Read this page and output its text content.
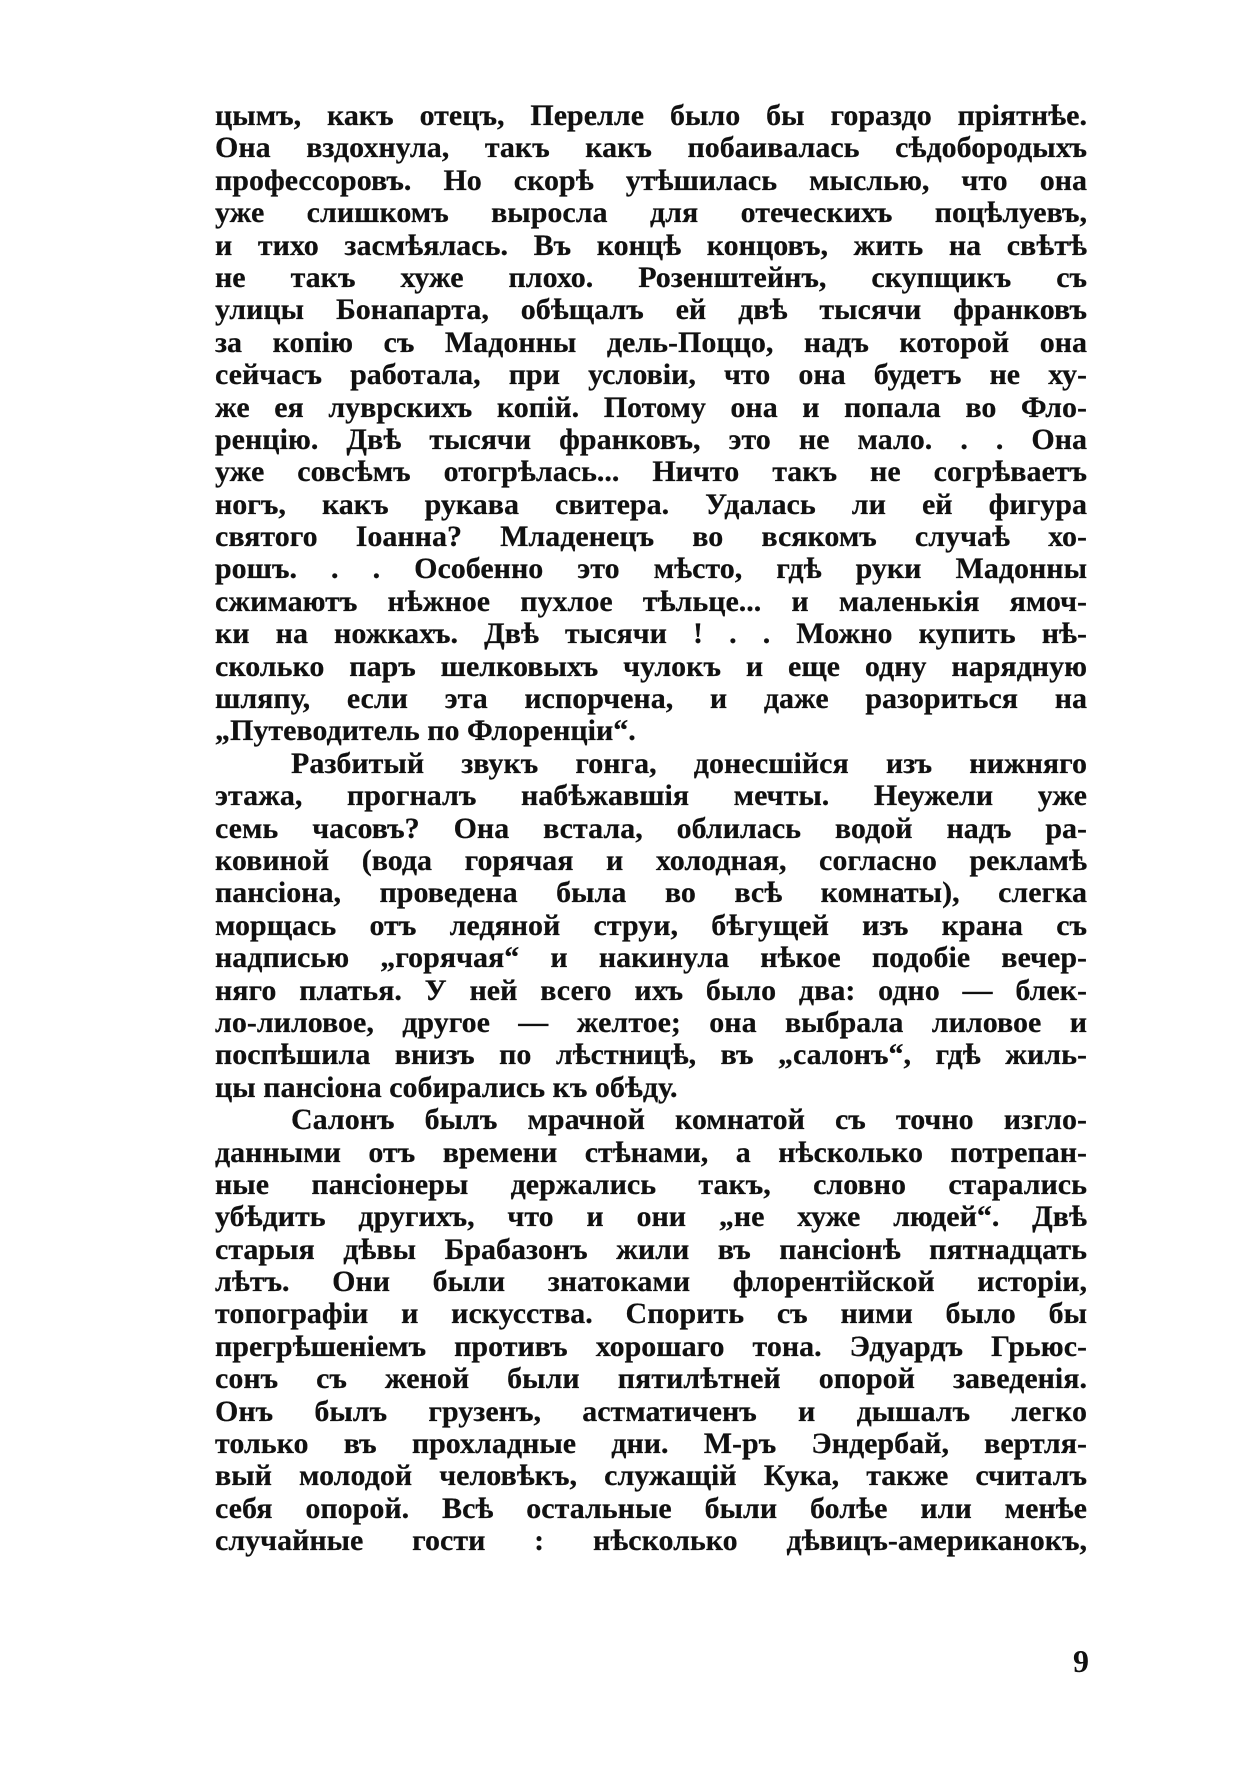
цымъ, какъ отецъ, Перелле было бы гораздо пріятнѣе.
Она вздохнула, такъ какъ побаивалась сѣдобородыхъ
профессоровъ. Но скорѣ утѣшилась мыслью, что она
уже слишкомъ выросла для отеческихъ поцѣлуевъ,
и тихо засмѣялась. Въ концѣ концовъ, жить на свѣтѣ
не такъ хуже плохо. Розенштейнъ, скупщикъ съ
улицы Бонапарта, обѣщалъ ей двѣ тысячи франковъ
за копію съ Мадонны дель-Поццо, надъ которой она
сейчасъ работала, при условіи, что она будетъ не ху-
же ея луврскихъ копій. Потому она и попала во Фло-
ренцію. Двѣ тысячи франковъ, это не мало. . . Она
уже совсѣмъ отогрѣлась... Ничто такъ не согрѣваетъ
ногъ, какъ рукава свитера. Удалась ли ей фигура
святого Іоанна? Младенецъ во всякомъ случаѣ хо-
рошъ. . . Особенно это мѣсто, гдѣ руки Мадонны
сжимаютъ нѣжное пухлое тѣльце... и маленькія ямоч-
ки на ножкахъ. Двѣ тысячи ! . . Можно купить нѣ-
сколько паръ шелковыхъ чулокъ и еще одну нарядную
шляпу, если эта испорчена, и даже разориться на
„Путеводитель по Флоренціи“.
Разбитый звукъ гонга, донесшійся изъ нижняго
этажа, прогналъ набѣжавшія мечты. Неужели уже
семь часовъ? Она встала, облилась водой надъ ра-
ковиной (вода горячая и холодная, согласно рекламѣ
пансіона, проведена была во всѣ комнаты), слегка
морщась отъ ледяной струи, бѣгущей изъ крана съ
надписью „горячая“ и накинула нѣкое подобіе вечер-
няго платья. У ней всего ихъ было два: одно — блек-
ло-лиловое, другое — желтое; она выбрала лиловое и
поспѣшила внизъ по лѣстницѣ, въ „салонъ“, гдѣ жиль-
цы пансіона собирались къ обѣду.
Салонъ былъ мрачной комнатой съ точно изгло-
данными отъ времени стѣнами, а нѣсколько потрепан-
ные пансіонеры держались такъ, словно старались
убѣдить другихъ, что и они „не хуже людей“. Двѣ
старыя дѣвы Брабазонъ жили въ пансіонѣ пятнадцать
лѣтъ. Они были знатоками флорентійской исторіи,
топографіи и искусства. Спорить съ ними было бы
прегрѣшеніемъ противъ хорошаго тона. Эдуардъ Грьюс-
сонъ съ женой были пятилѣтней опорой заведенія.
Онъ былъ грузенъ, астматиченъ и дышалъ легко
только въ прохладные дни. М-ръ Эндербай, вертля-
вый молодой человѣкъ, служащій Кука, также считалъ
себя опорой. Всѣ остальные были болѣе или менѣе
случайные гости : нѣсколько дѣвицъ-американокъ,
9
